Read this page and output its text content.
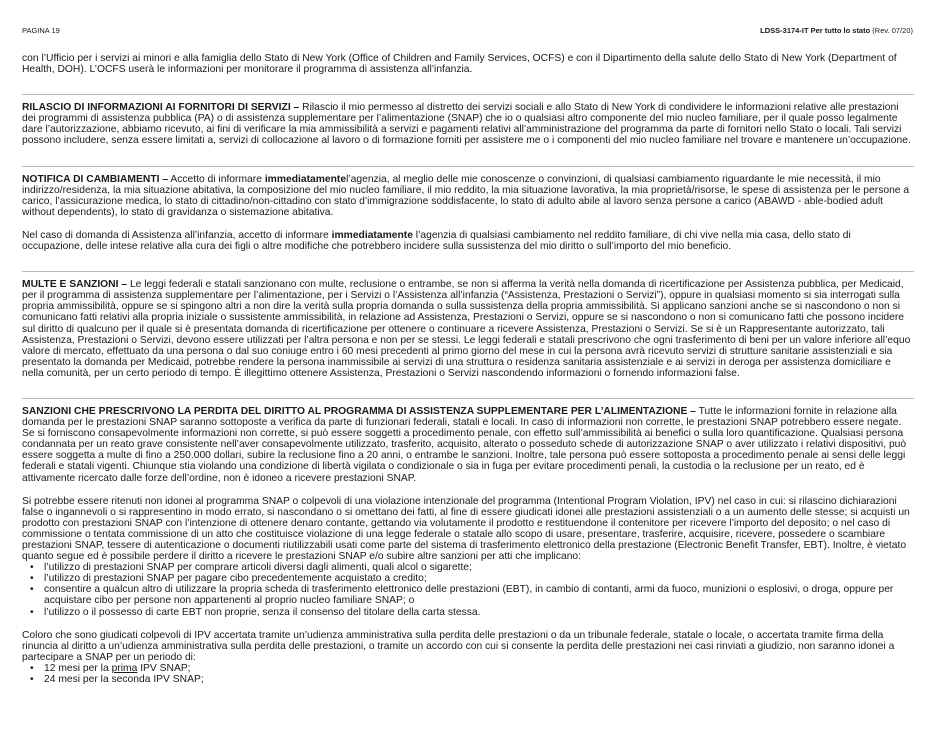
PAGINA 19	LDSS-3174-IT Per tutto lo stato (Rev. 07/20)

con l’Ufficio per i servizi ai minori e alla famiglia dello Stato di New York (Office of Children and Family Services, OCFS) e con il Dipartimento della salute dello Stato di New York (Department of Health, DOH). L’OCFS userà le informazioni per monitorare il programma di assistenza all’infanzia.

RILASCIO DI INFORMAZIONI AI FORNITORI DI SERVIZI – Rilascio il mio permesso al distretto dei servizi sociali e allo Stato di New York di condividere le informazioni relative alle prestazioni dei programmi di assistenza pubblica (PA) o di assistenza supplementare per l’alimentazione (SNAP) che io o qualsiasi altro componente del mio nucleo familiare, per il quale posso legalmente dare l’autorizzazione, abbiamo ricevuto, ai fini di verificare la mia ammissibilità a servizi e pagamenti relativi all’amministrazione del programma da parte di fornitori nello Stato o locali. Tali servizi possono includere, senza essere limitati a, servizi di collocazione al lavoro o di formazione forniti per assistere me o i componenti del mio nucleo familiare nel trovare e mantenere un’occupazione.

NOTIFICA DI CAMBIAMENTI – Accetto di informare immediatamentel’agenzia, al meglio delle mie conoscenze o convinzioni, di qualsiasi cambiamento riguardante le mie necessità, il mio indirizzo/residenza, la mia situazione abitativa, la composizione del mio nucleo familiare, il mio reddito, la mia situazione lavorativa, la mia proprietà/risorse, le spese di assistenza per le persone a carico, l’assicurazione medica, lo stato di cittadino/non-cittadino con stato d’immigrazione soddisfacente, lo stato di adulto abile al lavoro senza persone a carico (ABAWD - able-bodied adult without dependents), lo stato di gravidanza o sistemazione abitativa.

Nel caso di domanda di Assistenza all’infanzia, accetto di informare immediatamente l’agenzia di qualsiasi cambiamento nel reddito familiare, di chi vive nella mia casa, dello stato di occupazione, delle intese relative alla cura dei figli o altre modifiche che potrebbero incidere sulla sussistenza del mio diritto o sull’importo del mio beneficio.

MULTE E SANZIONI – Le leggi federali e statali sanzionano con multe, reclusione o entrambe, se non si afferma la verità nella domanda di ricertificazione per Assistenza pubblica, per Medicaid, per il programma di assistenza supplementare per l’alimentazione, per i Servizi o l’Assistenza all’infanzia (“Assistenza, Prestazioni o Servizi”), oppure in qualsiasi momento si sia interrogati sulla propria ammissibilità, oppure se si spingono altri a non dire la verità sulla propria domanda o sulla sussistenza della propria ammissibilità. Si applicano sanzioni anche se si nascondono o non si comunicano fatti relativi alla propria iniziale o sussistente ammissibilità, in relazione ad Assistenza, Prestazioni o Servizi, oppure se si nascondono o non si comunicano fatti che possono incidere sul diritto di qualcuno per il quale si è presentata domanda di ricertificazione per ottenere o continuare a ricevere Assistenza, Prestazioni o Servizi. Se si è un Rappresentante autorizzato, tali Assistenza, Prestazioni o Servizi, devono essere utilizzati per l’altra persona e non per se stessi. Le leggi federali e statali prescrivono che ogni trasferimento di beni per un valore inferiore all’equo valore di mercato, effettuato da una persona o dal suo coniuge entro i 60 mesi precedenti al primo giorno del mese in cui la persona avrà ricevuto servizi di strutture sanitarie assistenziali e sia presentato la domanda per Medicaid, potrebbe rendere la persona inammissibile ai servizi di una struttura o residenza sanitaria assistenziale e ai servizi in deroga per assistenza domiciliare e nella comunità, per un certo periodo di tempo. È illegittimo ottenere Assistenza, Prestazioni o Servizi nascondendo informazioni o fornendo informazioni false.

SANZIONI CHE PRESCRIVONO LA PERDITA DEL DIRITTO AL PROGRAMMA DI ASSISTENZA SUPPLEMENTARE PER L’ALIMENTAZIONE – Tutte le informazioni fornite in relazione alla domanda per le prestazioni SNAP saranno sottoposte a verifica da parte di funzionari federali, statali e locali. In caso di informazioni non corrette, le prestazioni SNAP potrebbero essere negate. Se si forniscono consapevolmente informazioni non corrette, si può essere soggetti a procedimento penale, con effetto sull’ammissibilità ai benefici o sulla loro quantificazione. Qualsiasi persona condannata per un reato grave consistente nell’aver consapevolmente utilizzato, trasferito, acquisito, alterato o posseduto schede di autorizzazione SNAP o aver utilizzato i relativi dispositivi, può essere soggetta a multe di fino a 250.000 dollari, subire la reclusione fino a 20 anni, o entrambe le sanzioni. Inoltre, tale persona può essere sottoposta a procedimento penale ai sensi delle leggi federali e statali vigenti. Chiunque stia violando una condizione di libertà vigilata o condizionale o sia in fuga per evitare procedimenti penali, la custodia o la reclusione per un reato, ed è attivamente ricercato dalle forze dell’ordine, non è idoneo a ricevere prestazioni SNAP.

Si potrebbe essere ritenuti non idonei al programma SNAP o colpevoli di una violazione intenzionale del programma (Intentional Program Violation, IPV) nel caso in cui: si rilascino dichiarazioni false o ingannevoli o si rappresentino in modo errato, si nascondano o si omettano dei fatti, al fine di essere giudicati idonei alle prestazioni assistenziali o a un aumento delle stesse; si acquisti un prodotto con prestazioni SNAP con l’intenzione di ottenere denaro contante, gettando via volutamente il prodotto e restituendone il contenitore per ricevere l’importo del deposito; o nel caso di commissione o tentata commissione di un atto che costituisce violazione di una legge federale o statale allo scopo di usare, presentare, trasferire, acquisire, ricevere, possedere o scambiare prestazioni SNAP, tessere di autenticazione o documenti riutilizzabili usati come parte del sistema di trasferimento elettronico della prestazione (Electronic Benefit Transfer, EBT). Inoltre, è vietato quanto segue ed è possibile perdere il diritto a ricevere le prestazioni SNAP e/o subire altre sanzioni per atti che implicano:

• l’utilizzo di prestazioni SNAP per comprare articoli diversi dagli alimenti, quali alcol o sigarette;
• l’utilizzo di prestazioni SNAP per pagare cibo precedentemente acquistato a credito;
• consentire a qualcun altro di utilizzare la propria scheda di trasferimento elettronico delle prestazioni (EBT), in cambio di contanti, armi da fuoco, munizioni o esplosivi, o droga, oppure per acquistare cibo per persone non appartenenti al proprio nucleo familiare SNAP; o
• l’utilizzo o il possesso di carte EBT non proprie, senza il consenso del titolare della carta stessa.

Coloro che sono giudicati colpevoli di IPV accertata tramite un’udienza amministrativa sulla perdita delle prestazioni o da un tribunale federale, statale o locale, o accertata tramite firma della rinuncia al diritto a un’udienza amministrativa sulla perdita delle prestazioni, o tramite un accordo con cui si consente la perdita delle prestazioni nei casi rinviati a giudizio, non saranno idonei a partecipare a SNAP per un periodo di:

• 12 mesi per la prima IPV SNAP;
• 24 mesi per la seconda IPV SNAP;
